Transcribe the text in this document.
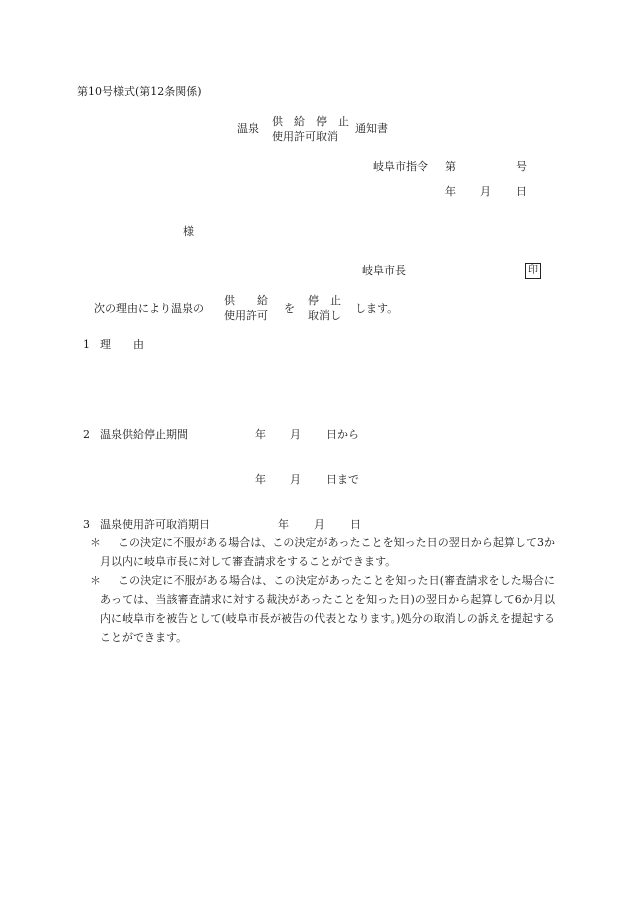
第10号様式(第12条関係)
温泉
供　給　停　止
使用許可取消
通知書
岐阜市指令 第	号
年 月 日
様
岐阜市長	印
次の理由により温泉の
供　　給
使用許可
を
停　止
取消し
します。
1 理　　由
2 温泉供給停止期間	年 月 日から
年 月 日まで
3 温泉使用許可取消期日	年 月 日
＊	この決定に不服がある場合は、この決定があったことを知った日の翌日から起算して3か月以内に岐阜市長に対して審査請求をすることができます。
＊	この決定に不服がある場合は、この決定があったことを知った日(審査請求をした場合にあっては、当該審査請求に対する裁決があったことを知った日)の翌日から起算して6か月以内に岐阜市を被告として(岐阜市長が被告の代表となります。)処分の取消しの訴えを提起することができます。
